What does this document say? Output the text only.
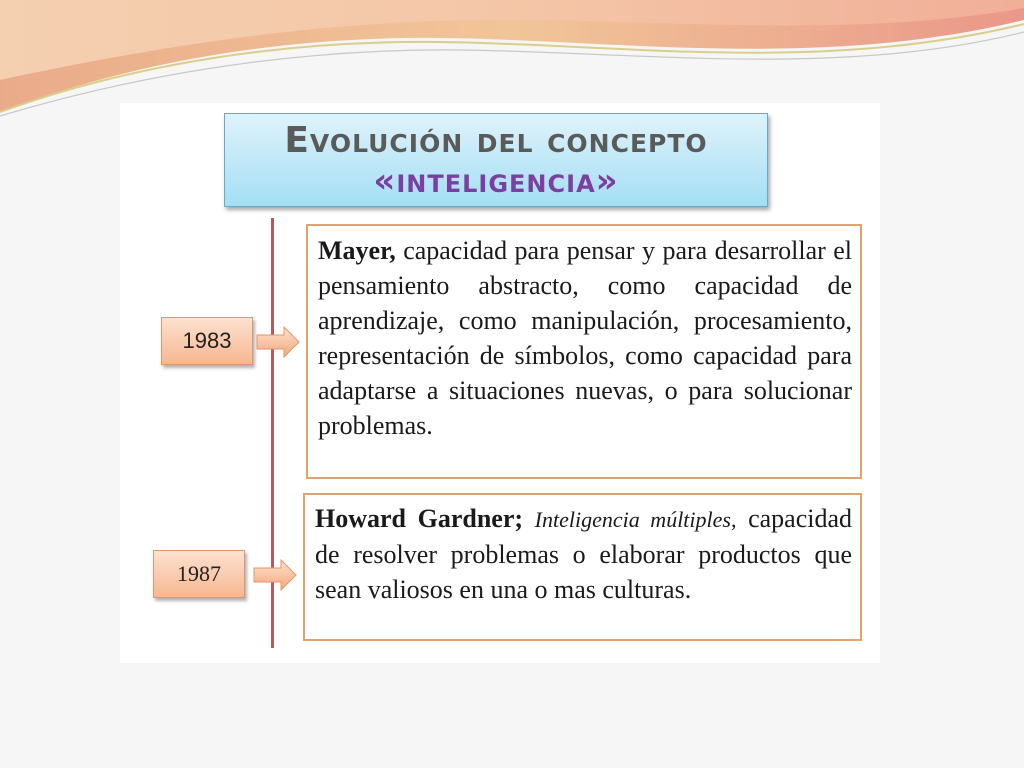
Evolución del concepto
«inteligencia»
1983
Mayer, capacidad para pensar y para desarrollar el pensamiento abstracto, como capacidad de aprendizaje, como manipulación, procesamiento, representación de símbolos, como capacidad para adaptarse a situaciones nuevas, o para solucionar problemas.
1987
Howard Gardner; Inteligencia múltiples, capacidad de resolver problemas o elaborar productos que sean valiosos en una o mas culturas.
